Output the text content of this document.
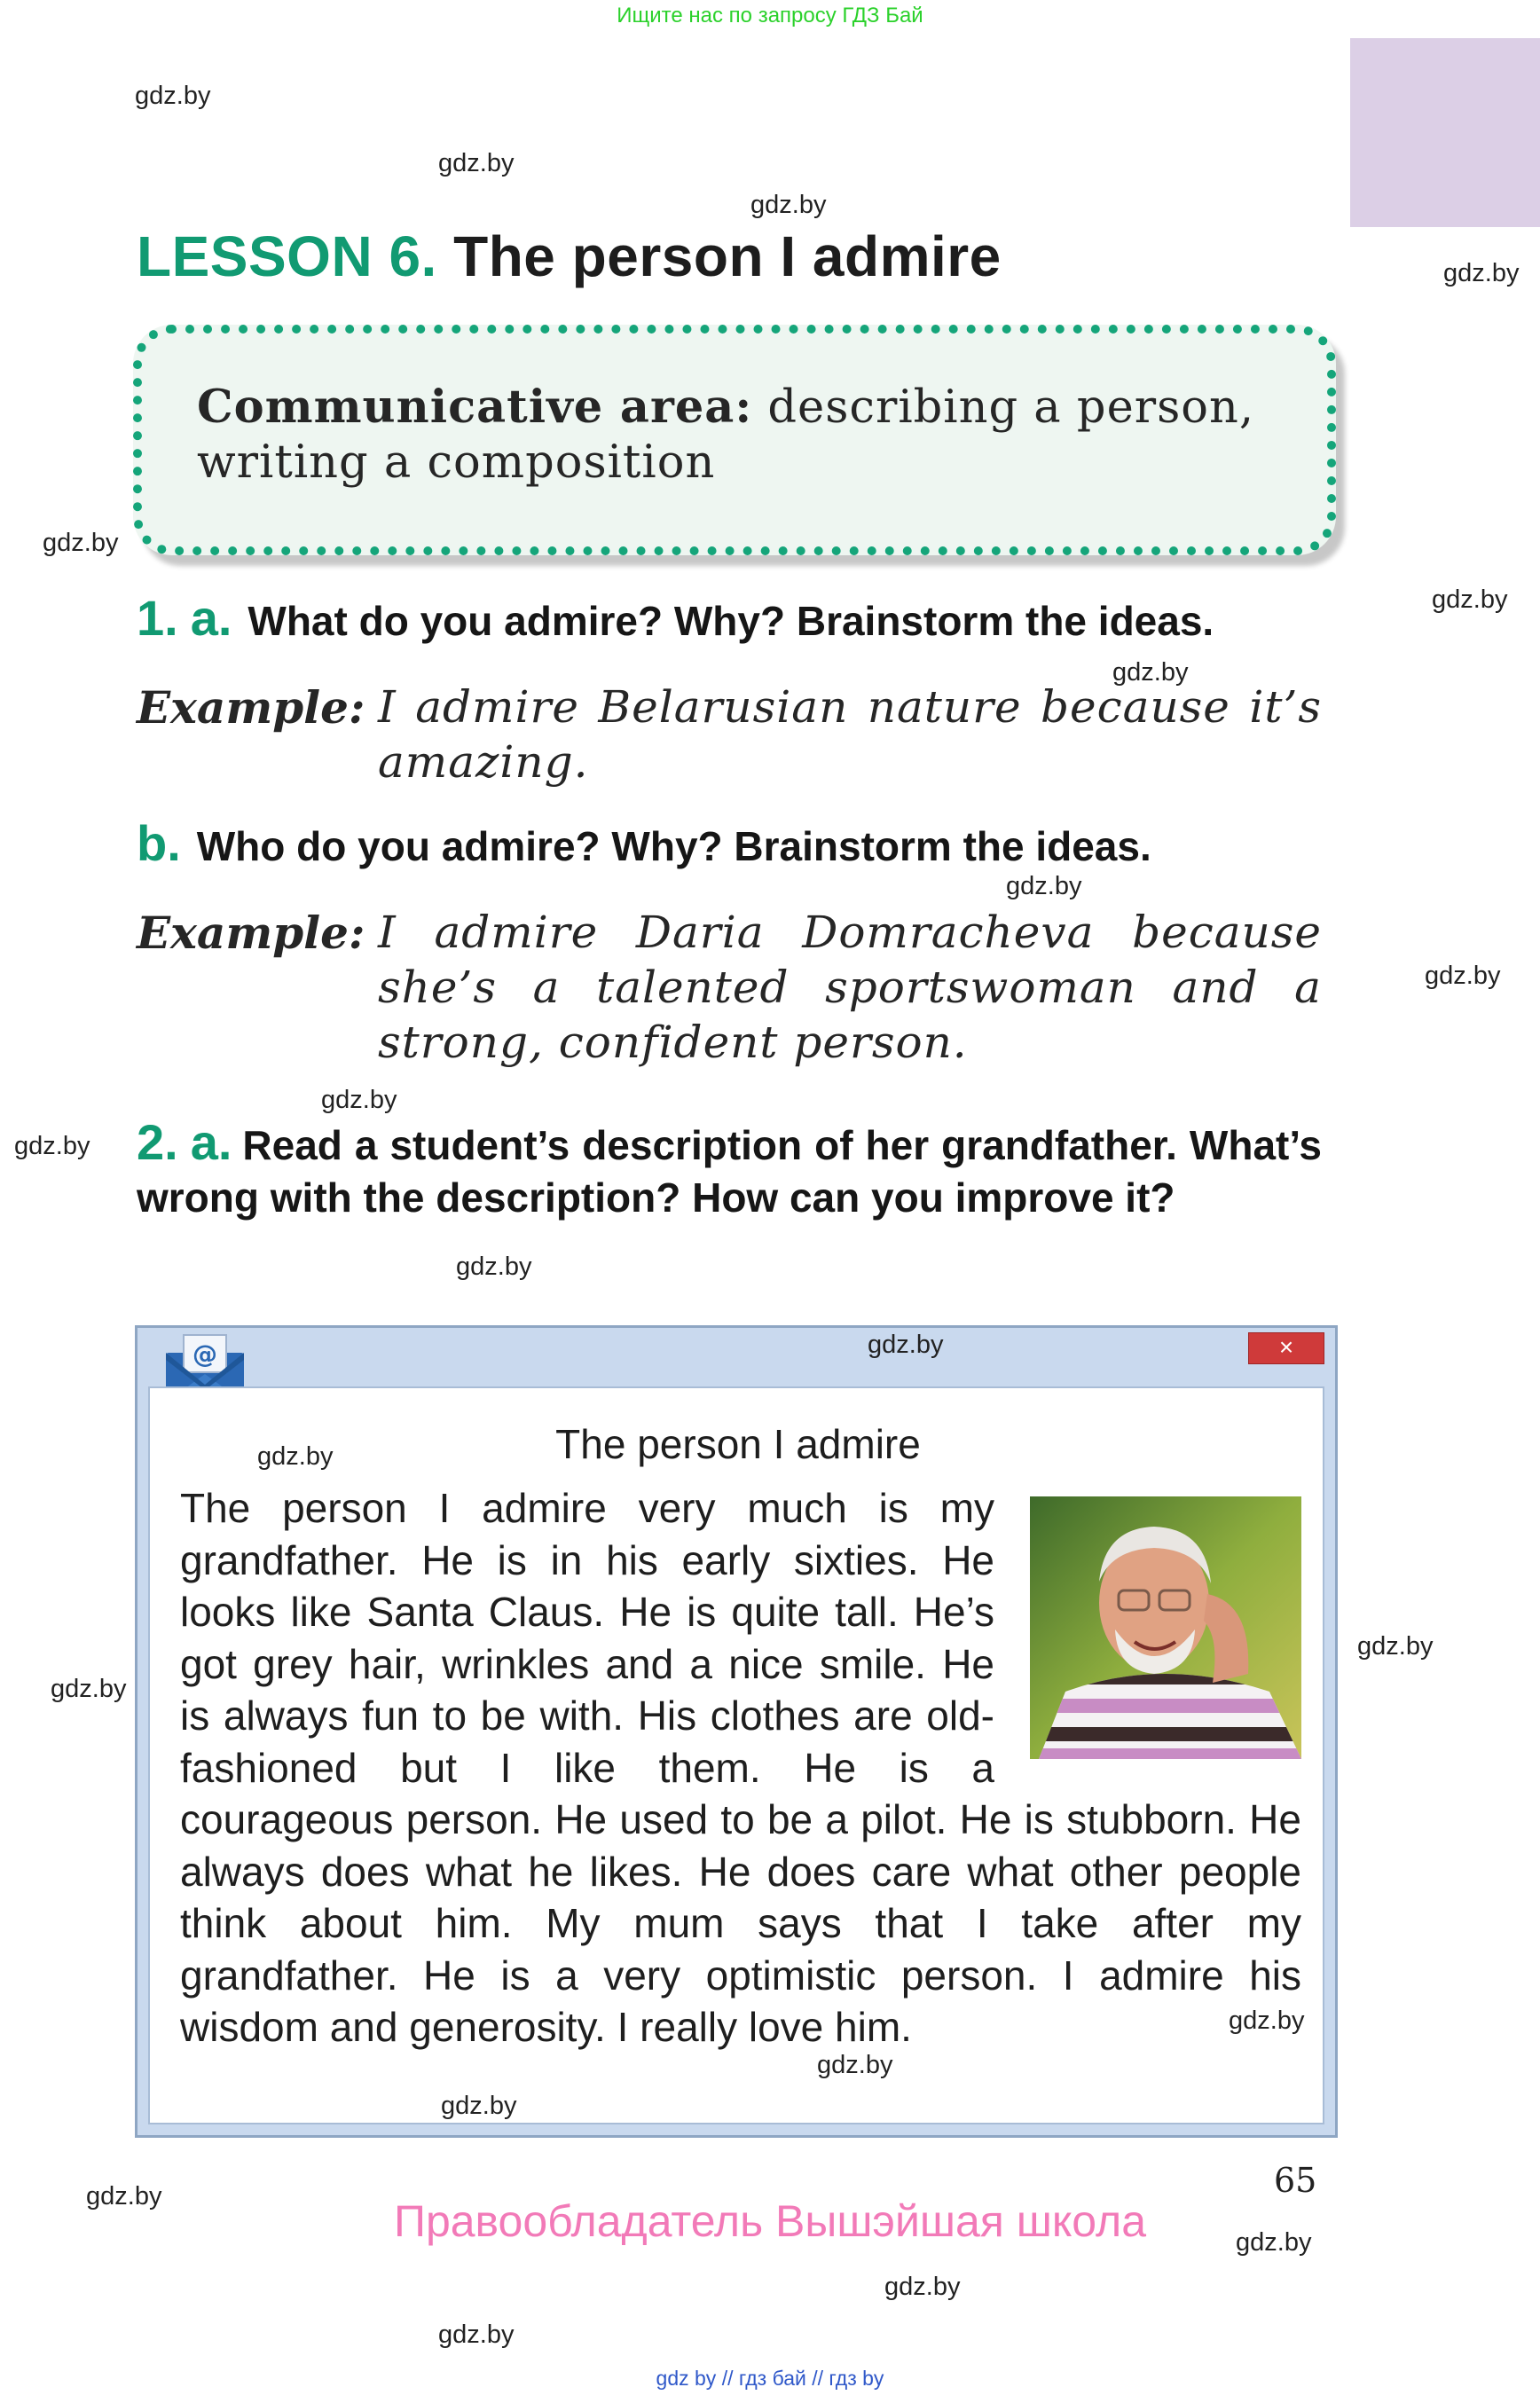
Ищите нас по запросу ГДЗ Бай
gdz.by
gdz.by
gdz.by
gdz.by
gdz.by
gdz.by
gdz.by
gdz.by
gdz.by
gdz.by
gdz.by
gdz.by
gdz.by
gdz.by
gdz.by
gdz.by
gdz.by
gdz.by
LESSON 6. The person I admire
Communicative area: describing a person, writing a composition
1. a. What do you admire? Why? Brainstorm the ideas.
Example: I admire Belarusian nature because it’s amazing.
b. Who do you admire? Why? Brainstorm the ideas.
Example: I admire Daria Domracheva because she’s a talented sportswoman and a strong, confident person.
2. a. Read a student’s description of her grandfather. What’s wrong with the description? How can you improve it?
@	×
The person I admire
The person I admire very much is my grandfather. He is in his early sixties. He looks like Santa Claus. He is quite tall. He’s got grey hair, wrinkles and a nice smile. He is always fun to be with. His clothes are old-fashioned but I like them. He is a courageous person. He used to be a pilot. He is stubborn. He always does what he likes. He does care what other people think about him. My mum says that I take after my grandfather. He is a very optimistic person. I admire his wisdom and generosity. I really love him.
gdz.by
gdz.by
gdz.by
gdz.by
gdz.by
65
Правообладатель Вышэйшая школа
gdz by // гдз бай // гдз by
